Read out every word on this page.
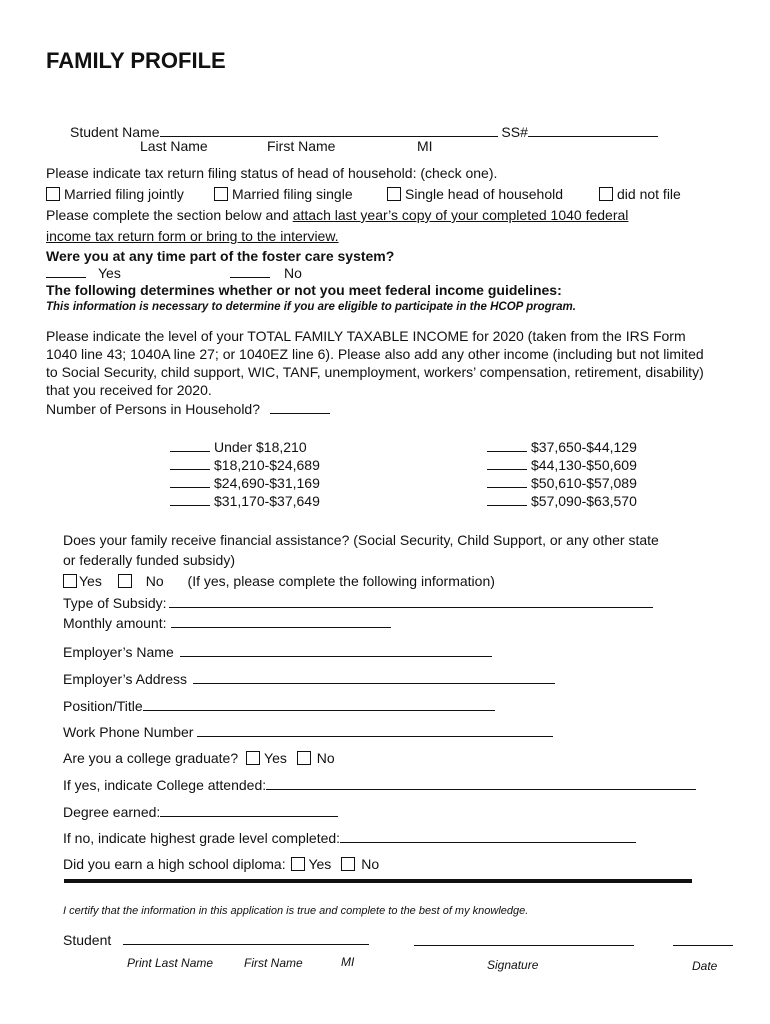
FAMILY PROFILE
Student Name	SS#
Last Name	First Name	MI
Please indicate tax return filing status of head of household: (check one).
Married filing jointly	Married filing single	Single head of household	did not file
Please complete the section below and attach last year’s copy of your completed 1040 federal
income tax return form or bring to the interview.
Were you at any time part of the foster care system?
Yes	No
The following determines whether or not you meet federal income guidelines:
This information is necessary to determine if you are eligible to participate in the HCOP program.
Please indicate the level of your TOTAL FAMILY TAXABLE INCOME for 2020 (taken from the IRS Form
1040 line 43; 1040A line 27; or 1040EZ line 6). Please also add any other income (including but not limited
to Social Security, child support, WIC, TANF, unemployment, workers’ compensation, retirement, disability)
that you received for 2020.
Number of Persons in Household?
Under $18,210
$18,210-$24,689
$24,690-$31,169
$31,170-$37,649
$37,650-$44,129
$44,130-$50,609
$50,610-$57,089
$57,090-$63,570
Does your family receive financial assistance? (Social Security, Child Support, or any other state
or federally funded subsidy)
Yes	No (If yes, please complete the following information)
Type of Subsidy:
Monthly amount:
Employer’s Name
Employer’s Address
Position/Title
Work Phone Number
Are you a college graduate? Yes No
If yes, indicate College attended:
Degree earned:
If no, indicate highest grade level completed:
Did you earn a high school diploma: Yes No
I certify that the information in this application is true and complete to the best of my knowledge.
Student
Print Last Name	First Name	MI	Signature	Date
